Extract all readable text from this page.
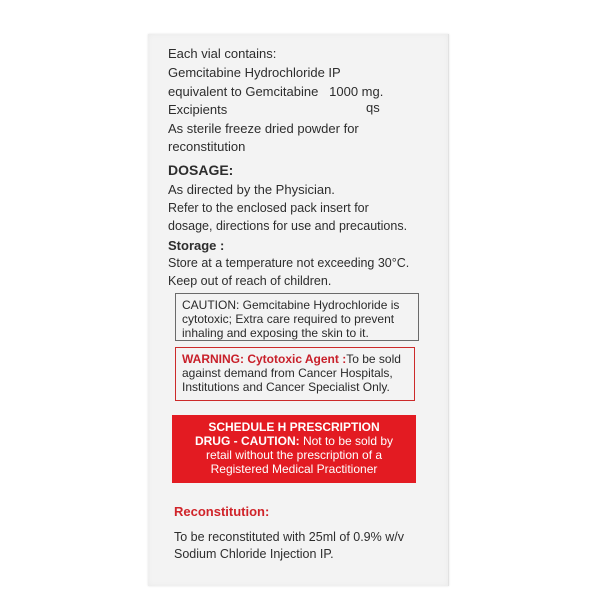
Each vial contains:

Gemcitabine Hydrochloride IP

equivalent to Gemcitabine   1000 mg.

Excipients	qs

As sterile freeze dried powder for

reconstitution

DOSAGE:

As directed by the Physician.

Refer to the enclosed pack insert for

dosage, directions for use and precautions.

Storage :

Store at a temperature not exceeding 30°C.

Keep out of reach of children.

CAUTION: Gemcitabine Hydrochloride is
cytotoxic; Extra care required to prevent
inhaling and exposing the skin to it.
WARNING: Cytotoxic Agent :To be sold
against demand from Cancer Hospitals,
Institutions and Cancer Specialist Only.
SCHEDULE H PRESCRIPTION
DRUG - CAUTION: Not to be sold by
retail without the prescription of a
Registered Medical Practitioner

Reconstitution:

To be reconstituted with 25ml of 0.9% w/v
Sodium Chloride Injection IP.
